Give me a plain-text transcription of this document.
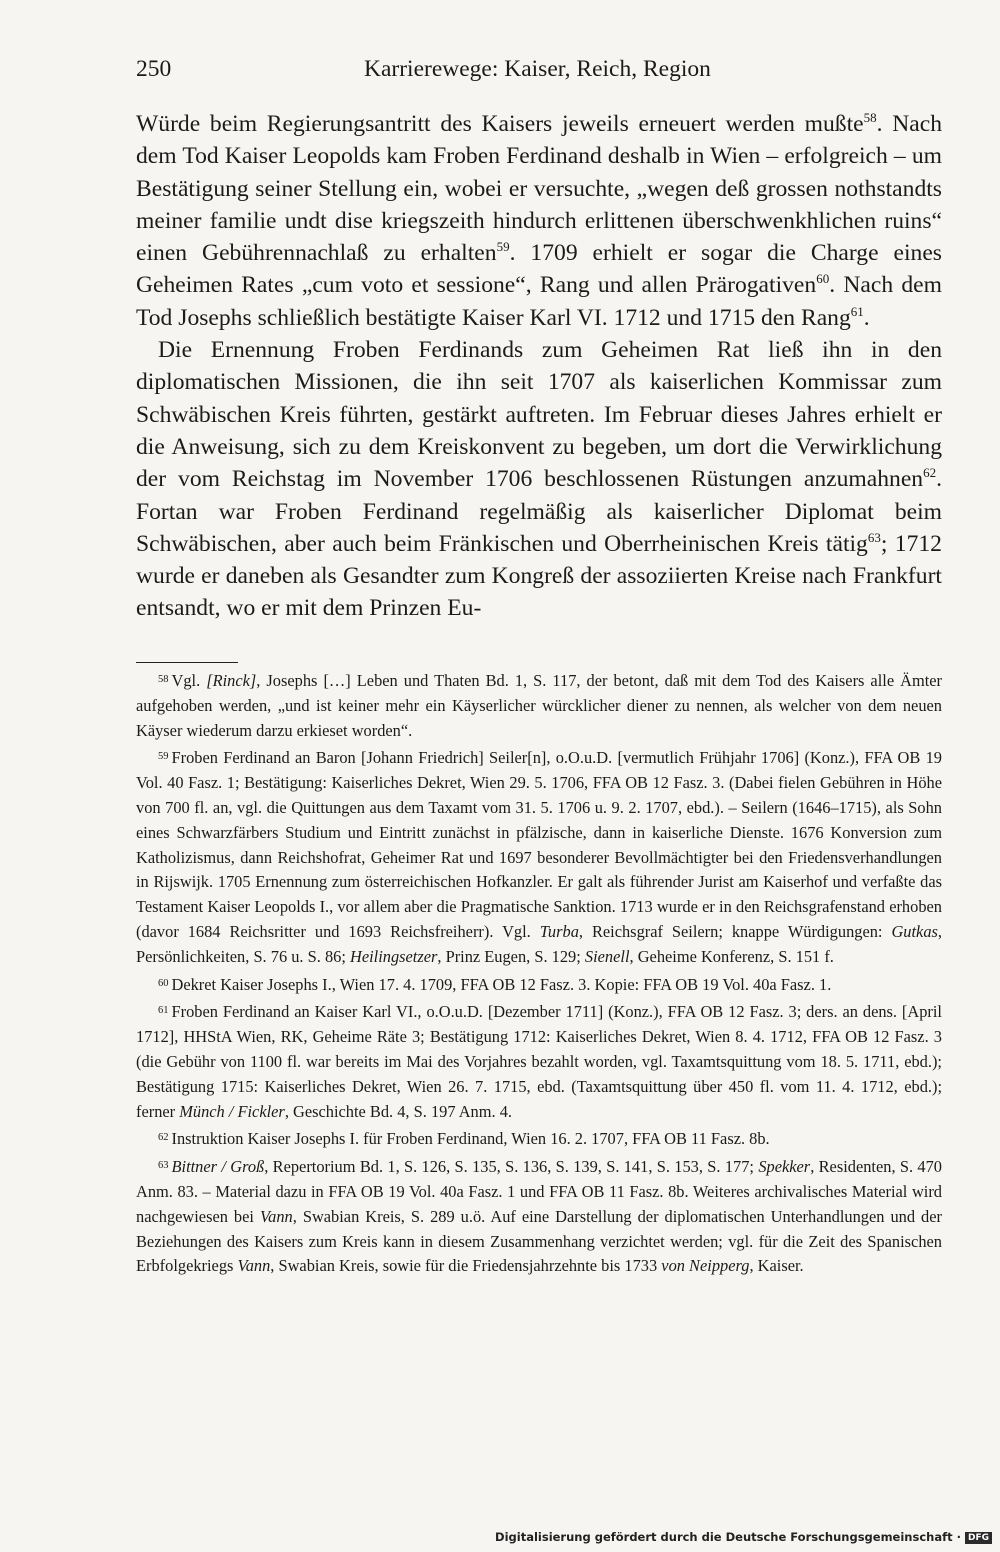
250	Karrierewege: Kaiser, Reich, Region

Würde beim Regierungsantritt des Kaisers jeweils erneuert werden mußte$^{58}$. Nach dem Tod Kaiser Leopolds kam Froben Ferdinand deshalb in Wien – erfolgreich – um Bestätigung seiner Stellung ein, wobei er versuchte, „wegen deß grossen nothstandts meiner familie undt dise kriegszeith hindurch erlittenen überschwenkhlichen ruins“ einen Gebührennachlaß zu erhalten$^{59}$. 1709 erhielt er sogar die Charge eines Geheimen Rates „cum voto et sessione“, Rang und allen Prärogativen$^{60}$. Nach dem Tod Josephs schließlich bestätigte Kaiser Karl VI. 1712 und 1715 den Rang$^{61}$.

Die Ernennung Froben Ferdinands zum Geheimen Rat ließ ihn in den diplomatischen Missionen, die ihn seit 1707 als kaiserlichen Kommissar zum Schwäbischen Kreis führten, gestärkt auftreten. Im Februar dieses Jahres erhielt er die Anweisung, sich zu dem Kreiskonvent zu begeben, um dort die Verwirklichung der vom Reichstag im November 1706 beschlossenen Rüstungen anzumahnen$^{62}$. Fortan war Froben Ferdinand regelmäßig als kaiserlicher Diplomat beim Schwäbischen, aber auch beim Fränkischen und Oberrheinischen Kreis tätig$^{63}$; 1712 wurde er daneben als Gesandter zum Kongreß der assoziierten Kreise nach Frankfurt entsandt, wo er mit dem Prinzen Eu-

$^{58}$ Vgl. [Rinck], Josephs […] Leben und Thaten Bd. 1, S. 117, der betont, daß mit dem Tod des Kaisers alle Ämter aufgehoben werden, „und ist keiner mehr ein Käyserlicher würcklicher diener zu nennen, als welcher von dem neuen Käyser wiederum darzu erkieset worden“.

$^{59}$ Froben Ferdinand an Baron [Johann Friedrich] Seiler[n], o.O.u.D. [vermutlich Frühjahr 1706] (Konz.), FFA OB 19 Vol. 40 Fasz. 1; Bestätigung: Kaiserliches Dekret, Wien 29. 5. 1706, FFA OB 12 Fasz. 3. (Dabei fielen Gebühren in Höhe von 700 fl. an, vgl. die Quittungen aus dem Taxamt vom 31. 5. 1706 u. 9. 2. 1707, ebd.). – Seilern (1646–1715), als Sohn eines Schwarzfärbers Studium und Eintritt zunächst in pfälzische, dann in kaiserliche Dienste. 1676 Konversion zum Katholizismus, dann Reichshofrat, Geheimer Rat und 1697 besonderer Bevollmächtigter bei den Friedensverhandlungen in Rijswijk. 1705 Ernennung zum österreichischen Hofkanzler. Er galt als führender Jurist am Kaiserhof und verfaßte das Testament Kaiser Leopolds I., vor allem aber die Pragmatische Sanktion. 1713 wurde er in den Reichsgrafenstand erhoben (davor 1684 Reichsritter und 1693 Reichsfreiherr). Vgl. Turba, Reichsgraf Seilern; knappe Würdigungen: Gutkas, Persönlichkeiten, S. 76 u. S. 86; Heilingsetzer, Prinz Eugen, S. 129; Sienell, Geheime Konferenz, S. 151 f.

$^{60}$ Dekret Kaiser Josephs I., Wien 17. 4. 1709, FFA OB 12 Fasz. 3. Kopie: FFA OB 19 Vol. 40a Fasz. 1.

$^{61}$ Froben Ferdinand an Kaiser Karl VI., o.O.u.D. [Dezember 1711] (Konz.), FFA OB 12 Fasz. 3; ders. an dens. [April 1712], HHStA Wien, RK, Geheime Räte 3; Bestätigung 1712: Kaiserliches Dekret, Wien 8. 4. 1712, FFA OB 12 Fasz. 3 (die Gebühr von 1100 fl. war bereits im Mai des Vorjahres bezahlt worden, vgl. Taxamtsquittung vom 18. 5. 1711, ebd.); Bestätigung 1715: Kaiserliches Dekret, Wien 26. 7. 1715, ebd. (Taxamtsquittung über 450 fl. vom 11. 4. 1712, ebd.); ferner Münch / Fickler, Geschichte Bd. 4, S. 197 Anm. 4.

$^{62}$ Instruktion Kaiser Josephs I. für Froben Ferdinand, Wien 16. 2. 1707, FFA OB 11 Fasz. 8b.

$^{63}$ Bittner / Groß, Repertorium Bd. 1, S. 126, S. 135, S. 136, S. 139, S. 141, S. 153, S. 177; Spekker, Residenten, S. 470 Anm. 83. – Material dazu in FFA OB 19 Vol. 40a Fasz. 1 und FFA OB 11 Fasz. 8b. Weiteres archivalisches Material wird nachgewiesen bei Vann, Swabian Kreis, S. 289 u.ö. Auf eine Darstellung der diplomatischen Unterhandlungen und der Beziehungen des Kaisers zum Kreis kann in diesem Zusammenhang verzichtet werden; vgl. für die Zeit des Spanischen Erbfolgekriegs Vann, Swabian Kreis, sowie für die Friedensjahrzehnte bis 1733 von Neipperg, Kaiser.

Digitalisierung gefördert durch die Deutsche Forschungsgemeinschaft · DFG
